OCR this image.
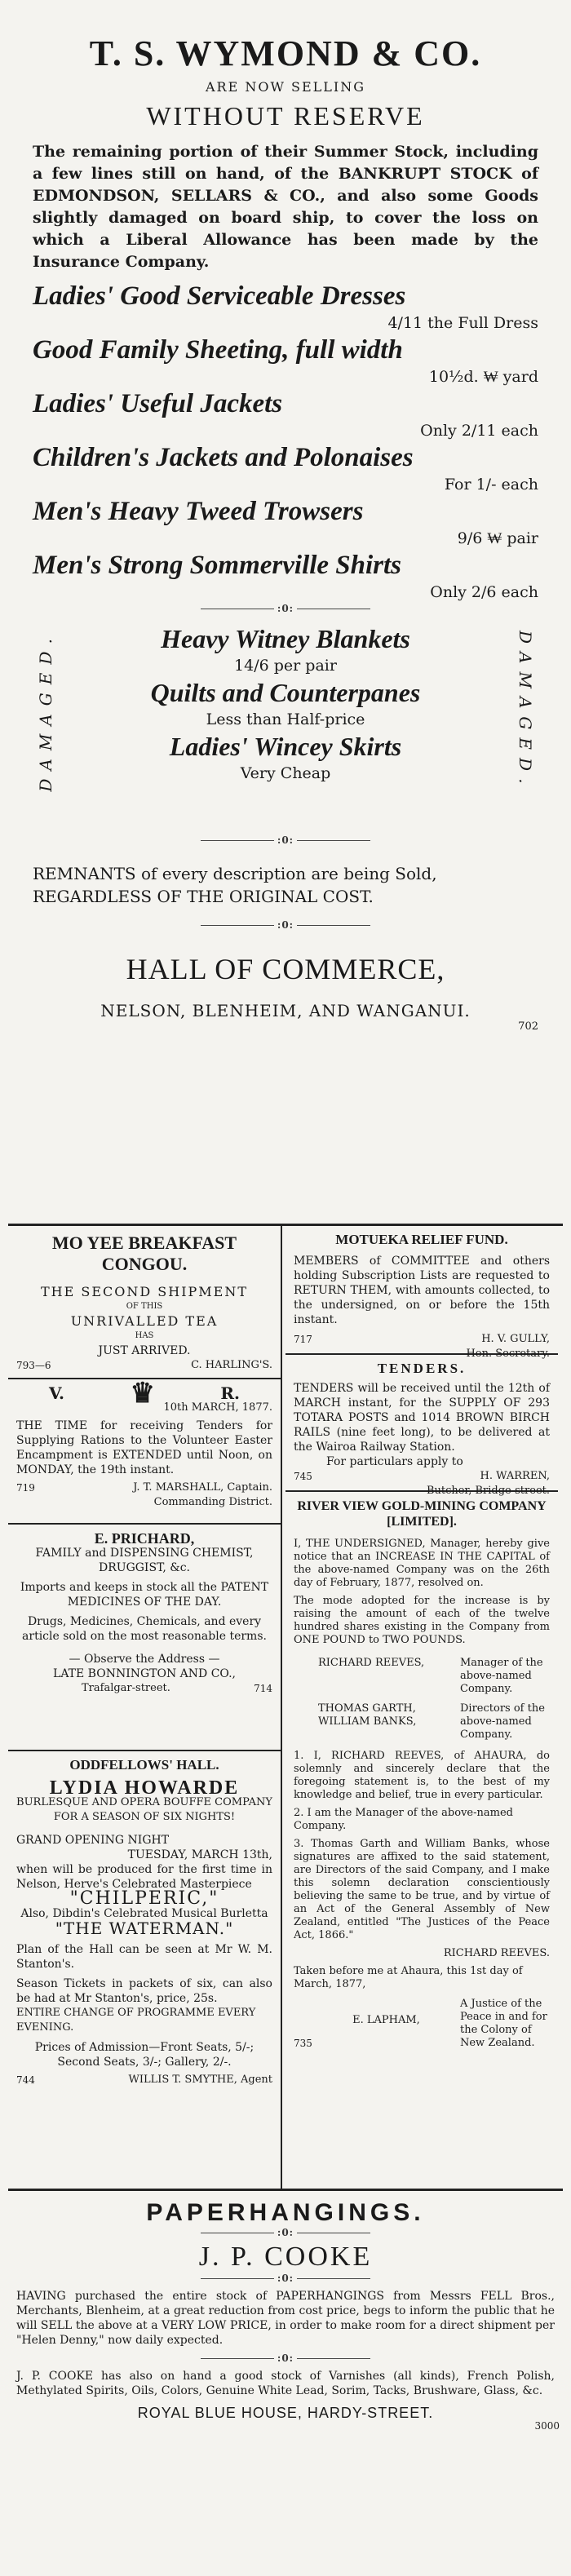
T. S. WYMOND & CO.
ARE NOW SELLING
WITHOUT RESERVE

The remaining portion of their Summer Stock, including a few lines still on hand, of the BANKRUPT STOCK of EDMONDSON, SELLARS & CO., and also some Goods slightly damaged on board ship, to cover the loss on which a Liberal Allowance has been made by the Insurance Company.

Ladies' Good Serviceable Dresses
4/11 the Full Dress
Good Family Sheeting, full width
10½d. ₩ yard
Ladies' Useful Jackets
Only 2/11 each
Children's Jackets and Polonaises
For 1/- each
Men's Heavy Tweed Trowsers
9/6 ₩ pair
Men's Strong Sommerville Shirts
Only 2/6 each
:0:
DAMAGED.	Heavy Witney Blankets
14/6 per pair
Quilts and Counterpanes
Less than Half-price
Ladies' Wincey Skirts
Very Cheap	DAMAGED.
:0:

REMNANTS of every description are being Sold, REGARDLESS OF THE ORIGINAL COST.

:0:
HALL OF COMMERCE,
NELSON, BLENHEIM, AND WANGANUI.
702
MO YEE BREAKFAST CONGOU.
THE SECOND SHIPMENT
OF THIS
UNRIVALLED TEA
HAS
JUST ARRIVED.
793—6	C. HARLING'S.
V. ♛	R.
10th MARCH, 1877.

THE TIME for receiving Tenders for Supplying Rations to the Volunteer Easter Encampment is EXTENDED until Noon, on MONDAY, the 19th instant.

719	J. T. MARSHALL, Captain.
Commanding District.
E. PRICHARD,

FAMILY and DISPENSING CHEMIST, DRUGGIST, &c.

Imports and keeps in stock all the PATENT MEDICINES OF THE DAY.

Drugs, Medicines, Chemicals, and every article sold on the most reasonable terms.

— Observe the Address —

LATE BONNINGTON AND CO.,

Trafalgar-street.	714
ODDFELLOWS' HALL.
LYDIA HOWARDE

BURLESQUE AND OPERA BOUFFE COMPANY

FOR A SEASON OF SIX NIGHTS!

GRAND OPENING NIGHT

TUESDAY, MARCH 13th,

when will be produced for the first time in Nelson, Herve's Celebrated Masterpiece

"CHILPERIC,"

Also, Dibdin's Celebrated Musical Burletta

"THE WATERMAN."

Plan of the Hall can be seen at Mr W. M. Stanton's.

Season Tickets in packets of six, can also be had at Mr Stanton's, price, 25s.

ENTIRE CHANGE OF PROGRAMME EVERY EVENING.

Prices of Admission—Front Seats, 5/-; Second Seats, 3/-; Gallery, 2/-.

744	WILLIS T. SMYTHE, Agent
MOTUEKA RELIEF FUND.

MEMBERS of COMMITTEE and others holding Subscription Lists are requested to RETURN THEM, with amounts collected, to the undersigned, on or before the 15th instant.

717	H. V. GULLY,
Hon. Secretary.
TENDERS.

TENDERS will be received until the 12th of MARCH instant, for the SUPPLY OF 293 TOTARA POSTS and 1014 BROWN BIRCH RAILS (nine feet long), to be delivered at the Wairoa Railway Station.

For particulars apply to

745	H. WARREN,
Butcher, Bridge-street.
RIVER VIEW GOLD-MINING COMPANY [LIMITED].

I, THE UNDERSIGNED, Manager, hereby give notice that an INCREASE IN THE CAPITAL of the above-named Company was on the 26th day of February, 1877, resolved on.

The mode adopted for the increase is by raising the amount of each of the twelve hundred shares existing in the Company from ONE POUND to TWO POUNDS.

RICHARD REEVES,	Manager of the above-named Company.
THOMAS GARTH, WILLIAM BANKS,
Directors of the above-named Company.

1. I, RICHARD REEVES, of AHAURA, do solemnly and sincerely declare that the foregoing statement is, to the best of my knowledge and belief, true in every particular.

2. I am the Manager of the above-named Company.

3. Thomas Garth and William Banks, whose signatures are affixed to the said statement, are Directors of the said Company, and I make this solemn declaration conscientiously believing the same to be true, and by virtue of an Act of the General Assembly of New Zealand, entitled "The Justices of the Peace Act, 1866."

RICHARD REEVES.

Taken before me at Ahaura, this 1st day of March, 1877,

735
E. LAPHAM,
A Justice of the Peace in and for the Colony of New Zealand.
PAPERHANGINGS.
:0:
J. P. COOKE
:0:

HAVING purchased the entire stock of PAPERHANGINGS from Messrs FELL Bros., Merchants, Blenheim, at a great reduction from cost price, begs to inform the public that he will SELL the above at a VERY LOW PRICE, in order to make room for a direct shipment per "Helen Denny," now daily expected.

:0:

J. P. COOKE has also on hand a good stock of Varnishes (all kinds), French Polish, Methylated Spirits, Oils, Colors, Genuine White Lead, Sorim, Tacks, Brushware, Glass, &c.

ROYAL BLUE HOUSE, HARDY-STREET.
3000
